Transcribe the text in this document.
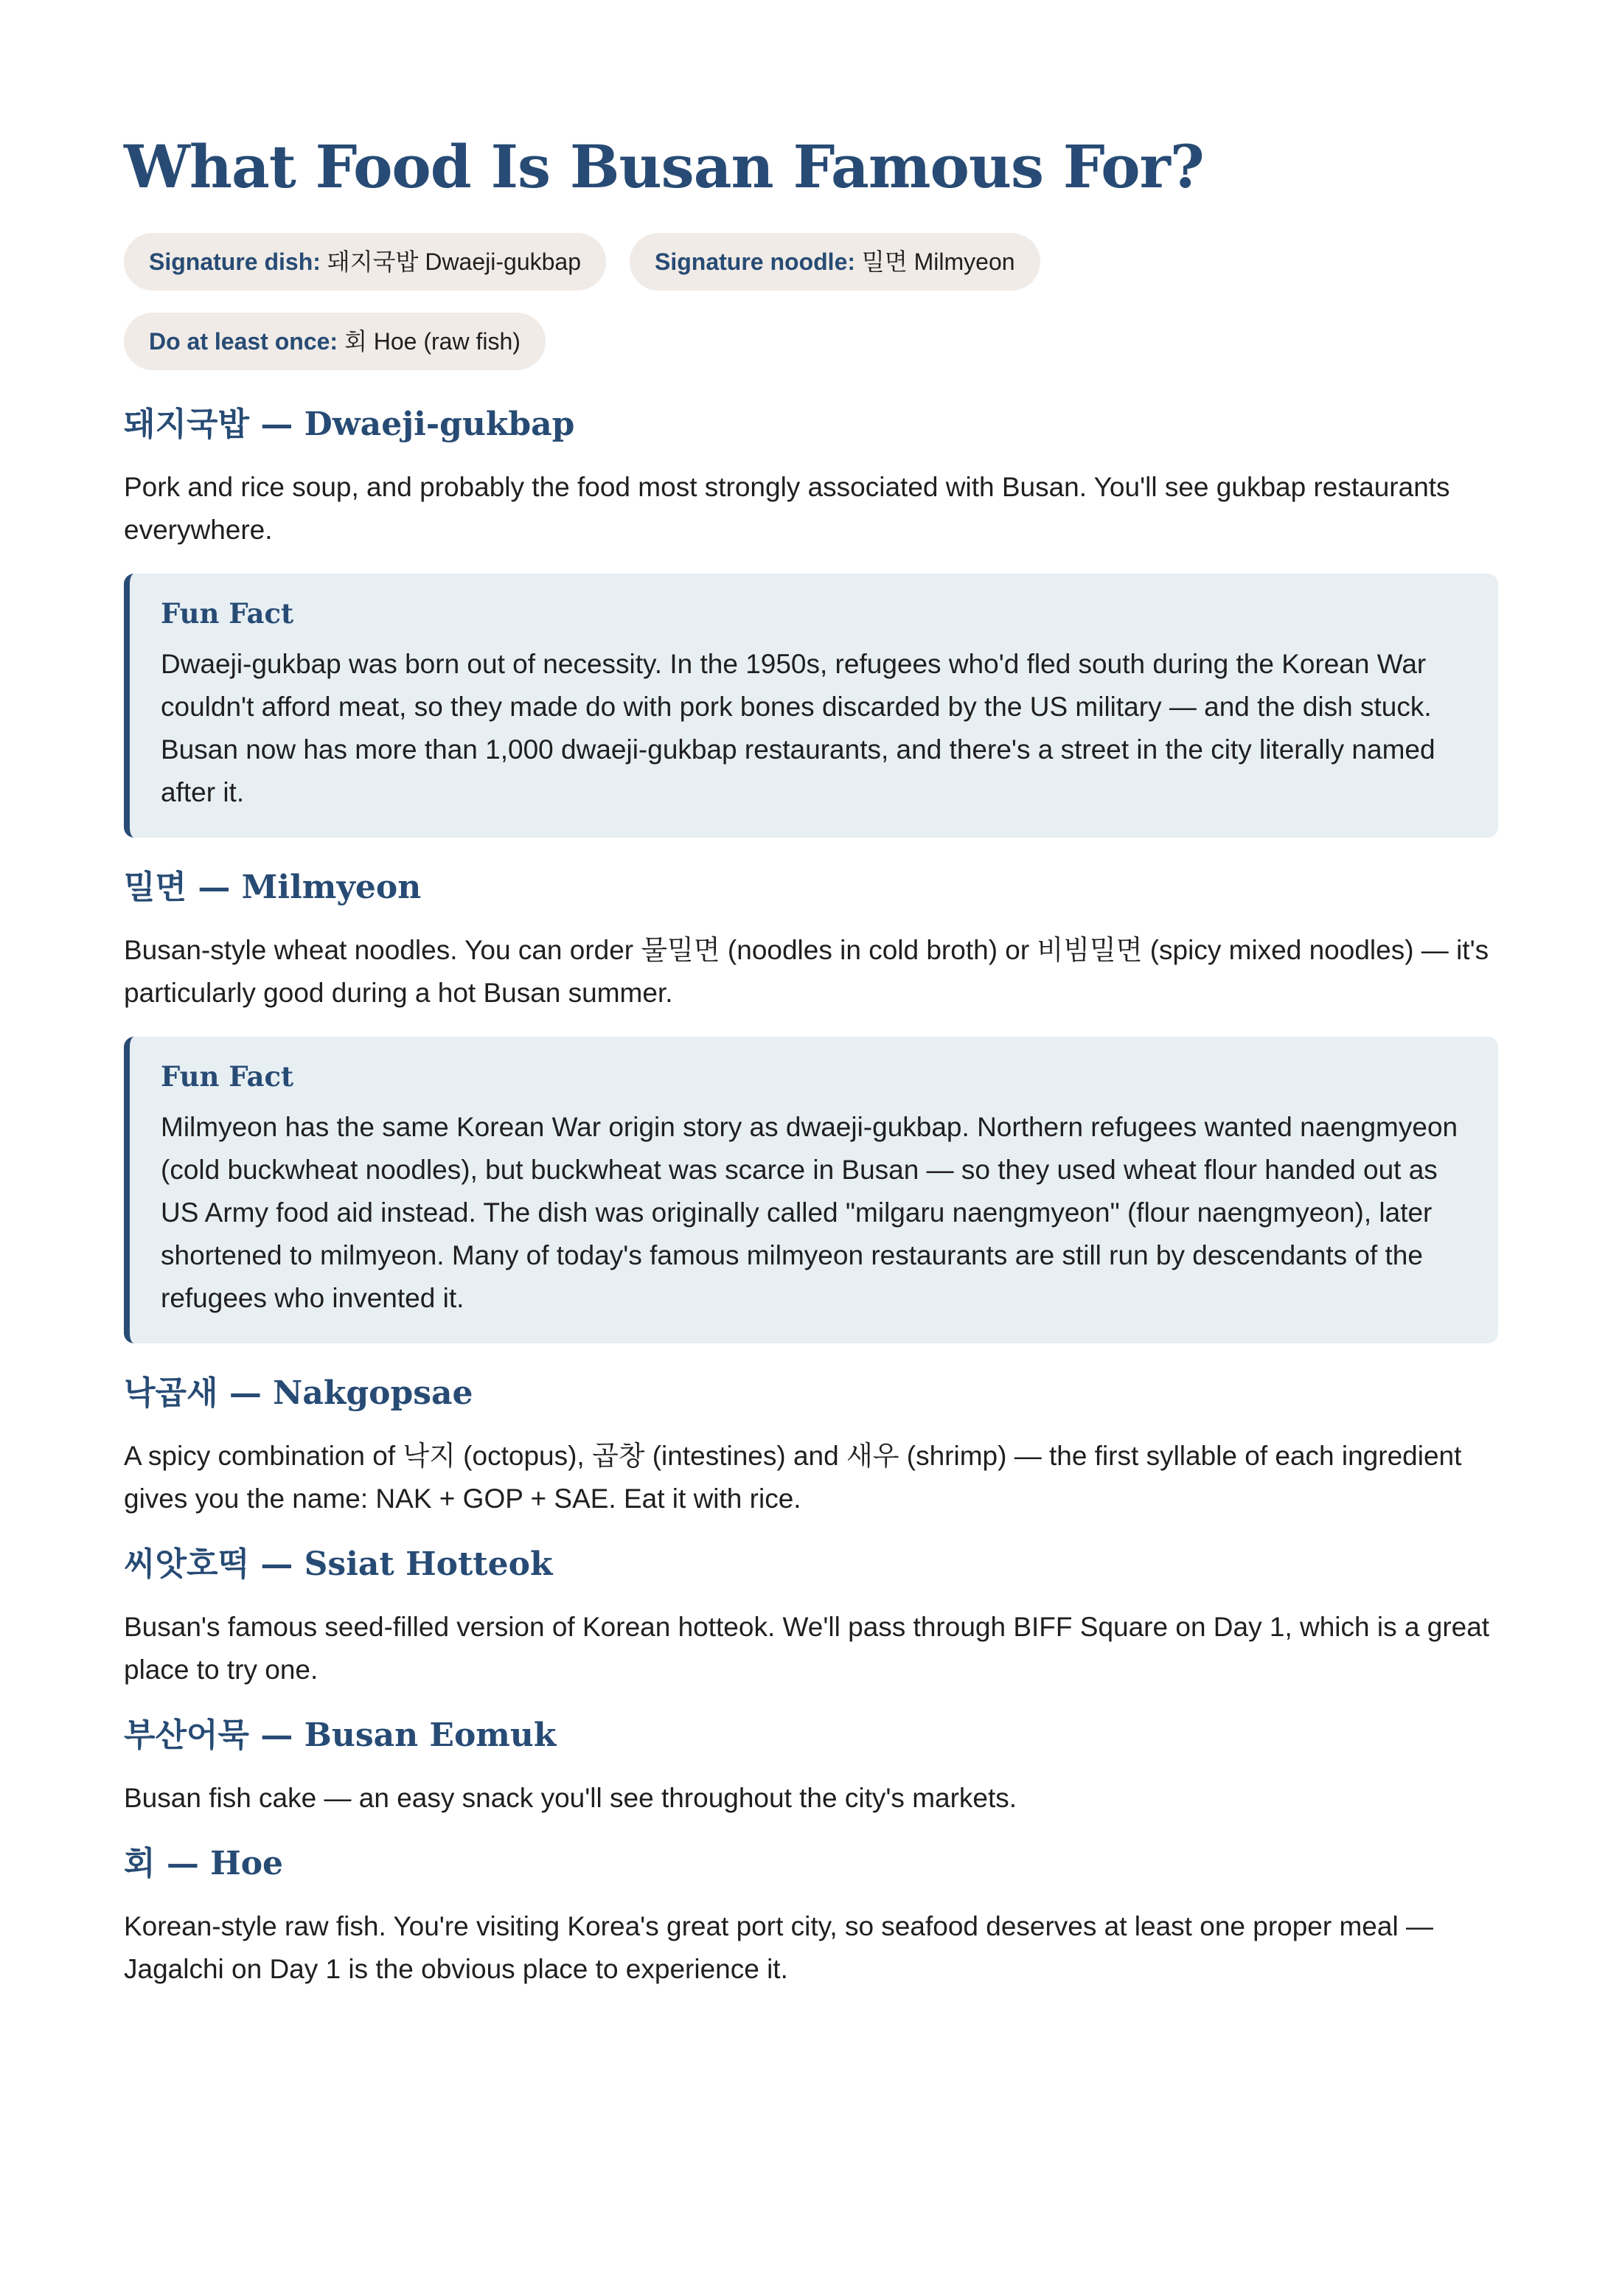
What Food Is Busan Famous For?
Signature dish: 돼지국밥 Dwaeji-gukbap	Signature noodle: 밀면 Milmyeon
Do at least once: 회 Hoe (raw fish)
돼지국밥 — Dwaeji-gukbap

Pork and rice soup, and probably the food most strongly associated with Busan. You'll see gukbap restaurants everywhere.

Fun Fact

Dwaeji-gukbap was born out of necessity. In the 1950s, refugees who'd fled south during the Korean War couldn't afford meat, so they made do with pork bones discarded by the US military — and the dish stuck. Busan now has more than 1,000 dwaeji-gukbap restaurants, and there's a street in the city literally named after it.

밀면 — Milmyeon

Busan-style wheat noodles. You can order 물밀면 (noodles in cold broth) or 비빔밀면 (spicy mixed noodles) — it's particularly good during a hot Busan summer.

Fun Fact

Milmyeon has the same Korean War origin story as dwaeji-gukbap. Northern refugees wanted naengmyeon (cold buckwheat noodles), but buckwheat was scarce in Busan — so they used wheat flour handed out as US Army food aid instead. The dish was originally called "milgaru naengmyeon" (flour naengmyeon), later shortened to milmyeon. Many of today's famous milmyeon restaurants are still run by descendants of the refugees who invented it.

낙곱새 — Nakgopsae

A spicy combination of 낙지 (octopus), 곱창 (intestines) and 새우 (shrimp) — the first syllable of each ingredient gives you the name: NAK + GOP + SAE. Eat it with rice.

씨앗호떡 — Ssiat Hotteok

Busan's famous seed-filled version of Korean hotteok. We'll pass through BIFF Square on Day 1, which is a great place to try one.

부산어묵 — Busan Eomuk

Busan fish cake — an easy snack you'll see throughout the city's markets.

회 — Hoe

Korean-style raw fish. You're visiting Korea's great port city, so seafood deserves at least one proper meal — Jagalchi on Day 1 is the obvious place to experience it.
